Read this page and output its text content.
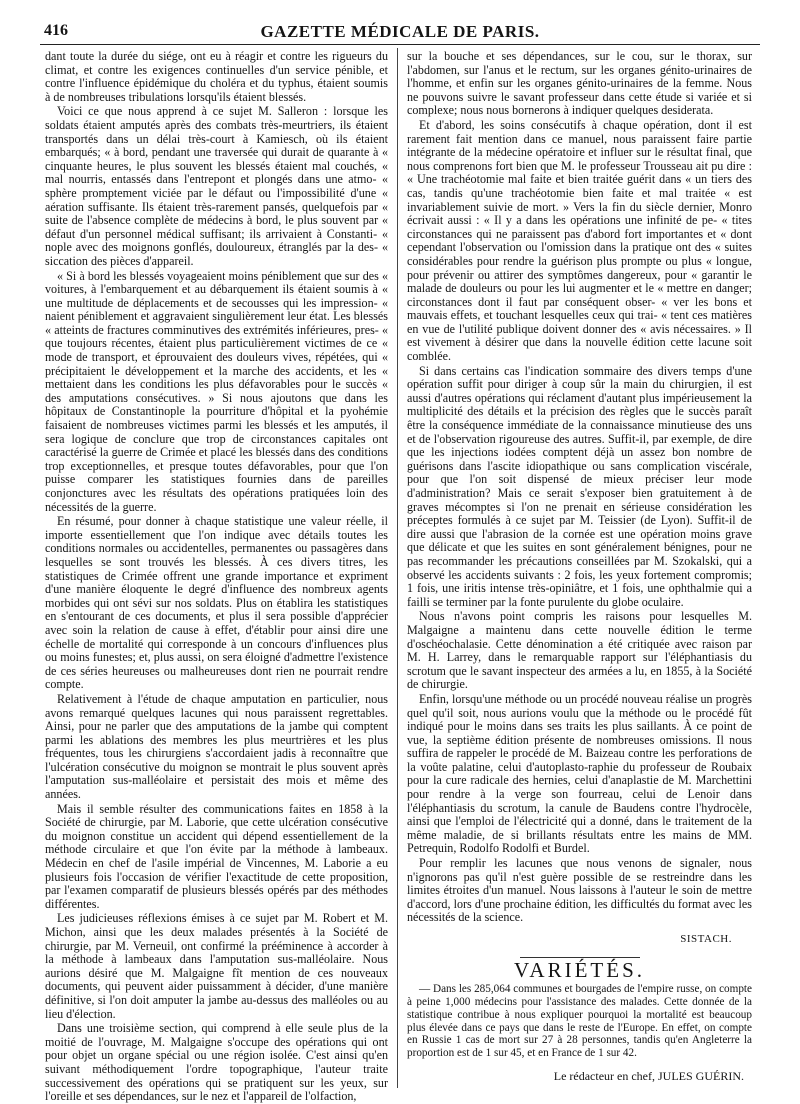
416	GAZETTE MÉDICALE DE PARIS.

dant toute la durée du siége, ont eu à réagir et contre les rigueurs du climat, et contre les exigences continuelles d'un service pénible, et contre l'influence épidémique du choléra et du typhus, étaient soumis à de nombreuses tribulations lorsqu'ils étaient blessés.

Voici ce que nous apprend à ce sujet M. Salleron : lorsque les soldats étaient amputés après des combats très-meurtriers, ils étaient transportés dans un délai très-court à Kamiesch, où ils étaient embarqués; « à bord, pendant une traversée qui durait de quarante à « cinquante heures, le plus souvent les blessés étaient mal couchés, « mal nourris, entassés dans l'entrepont et plongés dans une atmo- « sphère promptement viciée par le défaut ou l'impossibilité d'une « aération suffisante. Ils étaient très-rarement pansés, quelquefois par « suite de l'absence complète de médecins à bord, le plus souvent par « défaut d'un personnel médical suffisant; ils arrivaient à Constanti- « nople avec des moignons gonflés, douloureux, étranglés par la des- « siccation des pièces d'appareil.

« Si à bord les blessés voyageaient moins péniblement que sur des « voitures, à l'embarquement et au débarquement ils étaient soumis à « une multitude de déplacements et de secousses qui les impression- « naient péniblement et aggravaient singulièrement leur état. Les blessés « atteints de fractures comminutives des extrémités inférieures, pres- « que toujours récentes, étaient plus particulièrement victimes de ce « mode de transport, et éprouvaient des douleurs vives, répétées, qui « précipitaient le développement et la marche des accidents, et les « mettaient dans les conditions les plus défavorables pour le succès « des amputations consécutives. » Si nous ajoutons que dans les hôpitaux de Constantinople la pourriture d'hôpital et la pyohémie faisaient de nombreuses victimes parmi les blessés et les amputés, il sera logique de conclure que trop de circonstances capitales ont caractérisé la guerre de Crimée et placé les blessés dans des conditions trop exceptionnelles, et presque toutes défavorables, pour que l'on puisse comparer les statistiques fournies dans de pareilles conjonctures avec les résultats des opérations pratiquées loin des nécessités de la guerre.

En résumé, pour donner à chaque statistique une valeur réelle, il importe essentiellement que l'on indique avec détails toutes les conditions normales ou accidentelles, permanentes ou passagères dans lesquelles se sont trouvés les blessés. À ces divers titres, les statistiques de Crimée offrent une grande importance et expriment d'une manière éloquente le degré d'influence des nombreux agents morbides qui ont sévi sur nos soldats. Plus on établira les statistiques en s'entourant de ces documents, et plus il sera possible d'apprécier avec soin la relation de cause à effet, d'établir pour ainsi dire une échelle de mortalité qui corresponde à un concours d'influences plus ou moins funestes; et, plus aussi, on sera éloigné d'admettre l'existence de ces séries heureuses ou malheureuses dont rien ne pourrait rendre compte.

Relativement à l'étude de chaque amputation en particulier, nous avons remarqué quelques lacunes qui nous paraissent regrettables. Ainsi, pour ne parler que des amputations de la jambe qui comptent parmi les ablations des membres les plus meurtrières et les plus fréquentes, tous les chirurgiens s'accordaient jadis à reconnaître que l'ulcération consécutive du moignon se montrait le plus souvent après l'amputation sus-malléolaire et persistait des mois et même des années.

Mais il semble résulter des communications faites en 1858 à la Société de chirurgie, par M. Laborie, que cette ulcération consécutive du moignon constitue un accident qui dépend essentiellement de la méthode circulaire et que l'on évite par la méthode à lambeaux. Médecin en chef de l'asile impérial de Vincennes, M. Laborie a eu plusieurs fois l'occasion de vérifier l'exactitude de cette proposition, par l'examen comparatif de plusieurs blessés opérés par des méthodes différentes.

Les judicieuses réflexions émises à ce sujet par M. Robert et M. Michon, ainsi que les deux malades présentés à la Société de chirurgie, par M. Verneuil, ont confirmé la prééminence à accorder à la méthode à lambeaux dans l'amputation sus-malléolaire. Nous aurions désiré que M. Malgaigne fît mention de ces nouveaux documents, qui peuvent aider puissamment à décider, d'une manière définitive, si l'on doit amputer la jambe au-dessus des malléoles ou au lieu d'élection.

Dans une troisième section, qui comprend à elle seule plus de la moitié de l'ouvrage, M. Malgaigne s'occupe des opérations qui ont pour objet un organe spécial ou une région isolée. C'est ainsi qu'en suivant méthodiquement l'ordre topographique, l'auteur traite successivement des opérations qui se pratiquent sur les yeux, sur l'oreille et ses dépendances, sur le nez et l'appareil de l'olfaction,

sur la bouche et ses dépendances, sur le cou, sur le thorax, sur l'abdomen, sur l'anus et le rectum, sur les organes génito-urinaires de l'homme, et enfin sur les organes génito-urinaires de la femme. Nous ne pouvons suivre le savant professeur dans cette étude si variée et si complexe; nous nous bornerons à indiquer quelques desiderata.

Et d'abord, les soins consécutifs à chaque opération, dont il est rarement fait mention dans ce manuel, nous paraissent faire partie intégrante de la médecine opératoire et influer sur le résultat final, que nous comprenons fort bien que M. le professeur Trousseau ait pu dire : « Une trachéotomie mal faite et bien traitée guérit dans « un tiers des cas, tandis qu'une trachéotomie bien faite et mal traitée « est invariablement suivie de mort. » Vers la fin du siècle dernier, Monro écrivait aussi : « Il y a dans les opérations une infinité de pe- « tites circonstances qui ne paraissent pas d'abord fort importantes et « dont cependant l'observation ou l'omission dans la pratique ont des « suites considérables pour rendre la guérison plus prompte ou plus « longue, pour prévenir ou attirer des symptômes dangereux, pour « garantir le malade de douleurs ou pour les lui augmenter et le « mettre en danger; circonstances dont il faut par conséquent obser- « ver les bons et mauvais effets, et touchant lesquelles ceux qui trai- « tent ces matières en vue de l'utilité publique doivent donner des « avis nécessaires. » Il est vivement à désirer que dans la nouvelle édition cette lacune soit comblée.

Si dans certains cas l'indication sommaire des divers temps d'une opération suffit pour diriger à coup sûr la main du chirurgien, il est aussi d'autres opérations qui réclament d'autant plus impérieusement la multiplicité des détails et la précision des règles que le succès paraît être la conséquence immédiate de la connaissance minutieuse des uns et de l'observation rigoureuse des autres. Suffit-il, par exemple, de dire que les injections iodées comptent déjà un assez bon nombre de guérisons dans l'ascite idiopathique ou sans complication viscérale, pour que l'on soit dispensé de mieux préciser leur mode d'administration? Mais ce serait s'exposer bien gratuitement à de graves mécomptes si l'on ne prenait en sérieuse considération les préceptes formulés à ce sujet par M. Teissier (de Lyon). Suffit-il de dire aussi que l'abrasion de la cornée est une opération moins grave que délicate et que les suites en sont généralement bénignes, pour ne pas recommander les précautions conseillées par M. Szokalski, qui a observé les accidents suivants : 2 fois, les yeux fortement compromis; 1 fois, une iritis intense très-opiniâtre, et 1 fois, une ophthalmie qui a failli se terminer par la fonte purulente du globe oculaire.

Nous n'avons point compris les raisons pour lesquelles M. Malgaigne a maintenu dans cette nouvelle édition le terme d'oschéochalasie. Cette dénomination a été critiquée avec raison par M. H. Larrey, dans le remarquable rapport sur l'éléphantiasis du scrotum que le savant inspecteur des armées a lu, en 1855, à la Société de chirurgie.

Enfin, lorsqu'une méthode ou un procédé nouveau réalise un progrès quel qu'il soit, nous aurions voulu que la méthode ou le procédé fût indiqué pour le moins dans ses traits les plus saillants. À ce point de vue, la septième édition présente de nombreuses omissions. Il nous suffira de rappeler le procédé de M. Baizeau contre les perforations de la voûte palatine, celui d'autoplasto-raphie du professeur de Roubaix pour la cure radicale des hernies, celui d'anaplastie de M. Marchettini pour rendre à la verge son fourreau, celui de Lenoir dans l'éléphantiasis du scrotum, la canule de Baudens contre l'hydrocèle, ainsi que l'emploi de l'électricité qui a donné, dans le traitement de la même maladie, de si brillants résultats entre les mains de MM. Petrequin, Rodolfo Rodolfi et Burdel.

Pour remplir les lacunes que nous venons de signaler, nous n'ignorons pas qu'il n'est guère possible de se restreindre dans les limites étroites d'un manuel. Nous laissons à l'auteur le soin de mettre d'accord, lors d'une prochaine édition, les difficultés du format avec les nécessités de la science.

SISTACH.
VARIÉTÉS.

— Dans les 285,064 communes et bourgades de l'empire russe, on compte à peine 1,000 médecins pour l'assistance des malades. Cette donnée de la statistique contribue à nous expliquer pourquoi la mortalité est beaucoup plus élevée dans ce pays que dans le reste de l'Europe. En effet, on compte en Russie 1 cas de mort sur 27 à 28 personnes, tandis qu'en Angleterre la proportion est de 1 sur 45, et en France de 1 sur 42.

Le rédacteur en chef, JULES GUÉRIN.
